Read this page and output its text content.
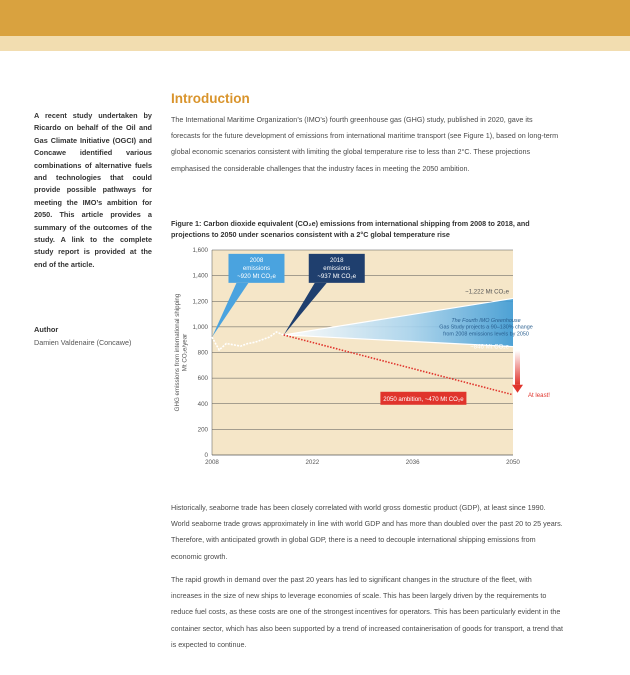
A recent study undertaken by Ricardo on behalf of the Oil and Gas Climate Initiative (OGCI) and Concawe identified various combinations of alternative fuels and technologies that could provide possible pathways for meeting the IMO’s ambition for 2050. This article provides a summary of the outcomes of the study. A link to the complete study report is provided at the end of the article.

Author
Damien Valdenaire (Concawe)
Introduction

The International Maritime Organization’s (IMO’s) fourth greenhouse gas (GHG) study, published in 2020, gave its forecasts for the future development of emissions from international maritime transport (see Figure 1), based on long-term global economic scenarios consistent with limiting the global temperature rise to less than 2°C. These projections emphasised the considerable challenges that the industry faces in meeting the 2050 ambition.

Figure 1: Carbon dioxide equivalent (CO₂e) emissions from international shipping from 2008 to 2018, and projections to 2050 under scenarios consistent with a 2°C global temperature rise

0
200
400
600
800
1,000
1,200
1,400
1,600
2008	2022	2036	2050
GHG emissions from international shippingMt CO₂e/year
2008
emissions
~920 Mt CO₂e
2018
emissions
~937 Mt CO₂e
~1,222 Mt CO₂e
~846 Mt CO₂e
The Fourth IMO Greenhouse
Gas Study projects a 90–130% change
from 2008 emissions levels by 2050
2050 ambition, ~470 Mt CO₂e
At least!

Historically, seaborne trade has been closely correlated with world gross domestic product (GDP), at least since 1990. World seaborne trade grows approximately in line with world GDP and has more than doubled over the past 20 to 25 years. Therefore, with anticipated growth in global GDP, there is a need to decouple international shipping emissions from economic growth.

The rapid growth in demand over the past 20 years has led to significant changes in the structure of the fleet, with increases in the size of new ships to leverage economies of scale. This has been largely driven by the requirements to reduce fuel costs, as these costs are one of the strongest incentives for operators. This has been particularly evident in the container sector, which has also been supported by a trend of increased containerisation of goods for transport, a trend that is expected to continue.
